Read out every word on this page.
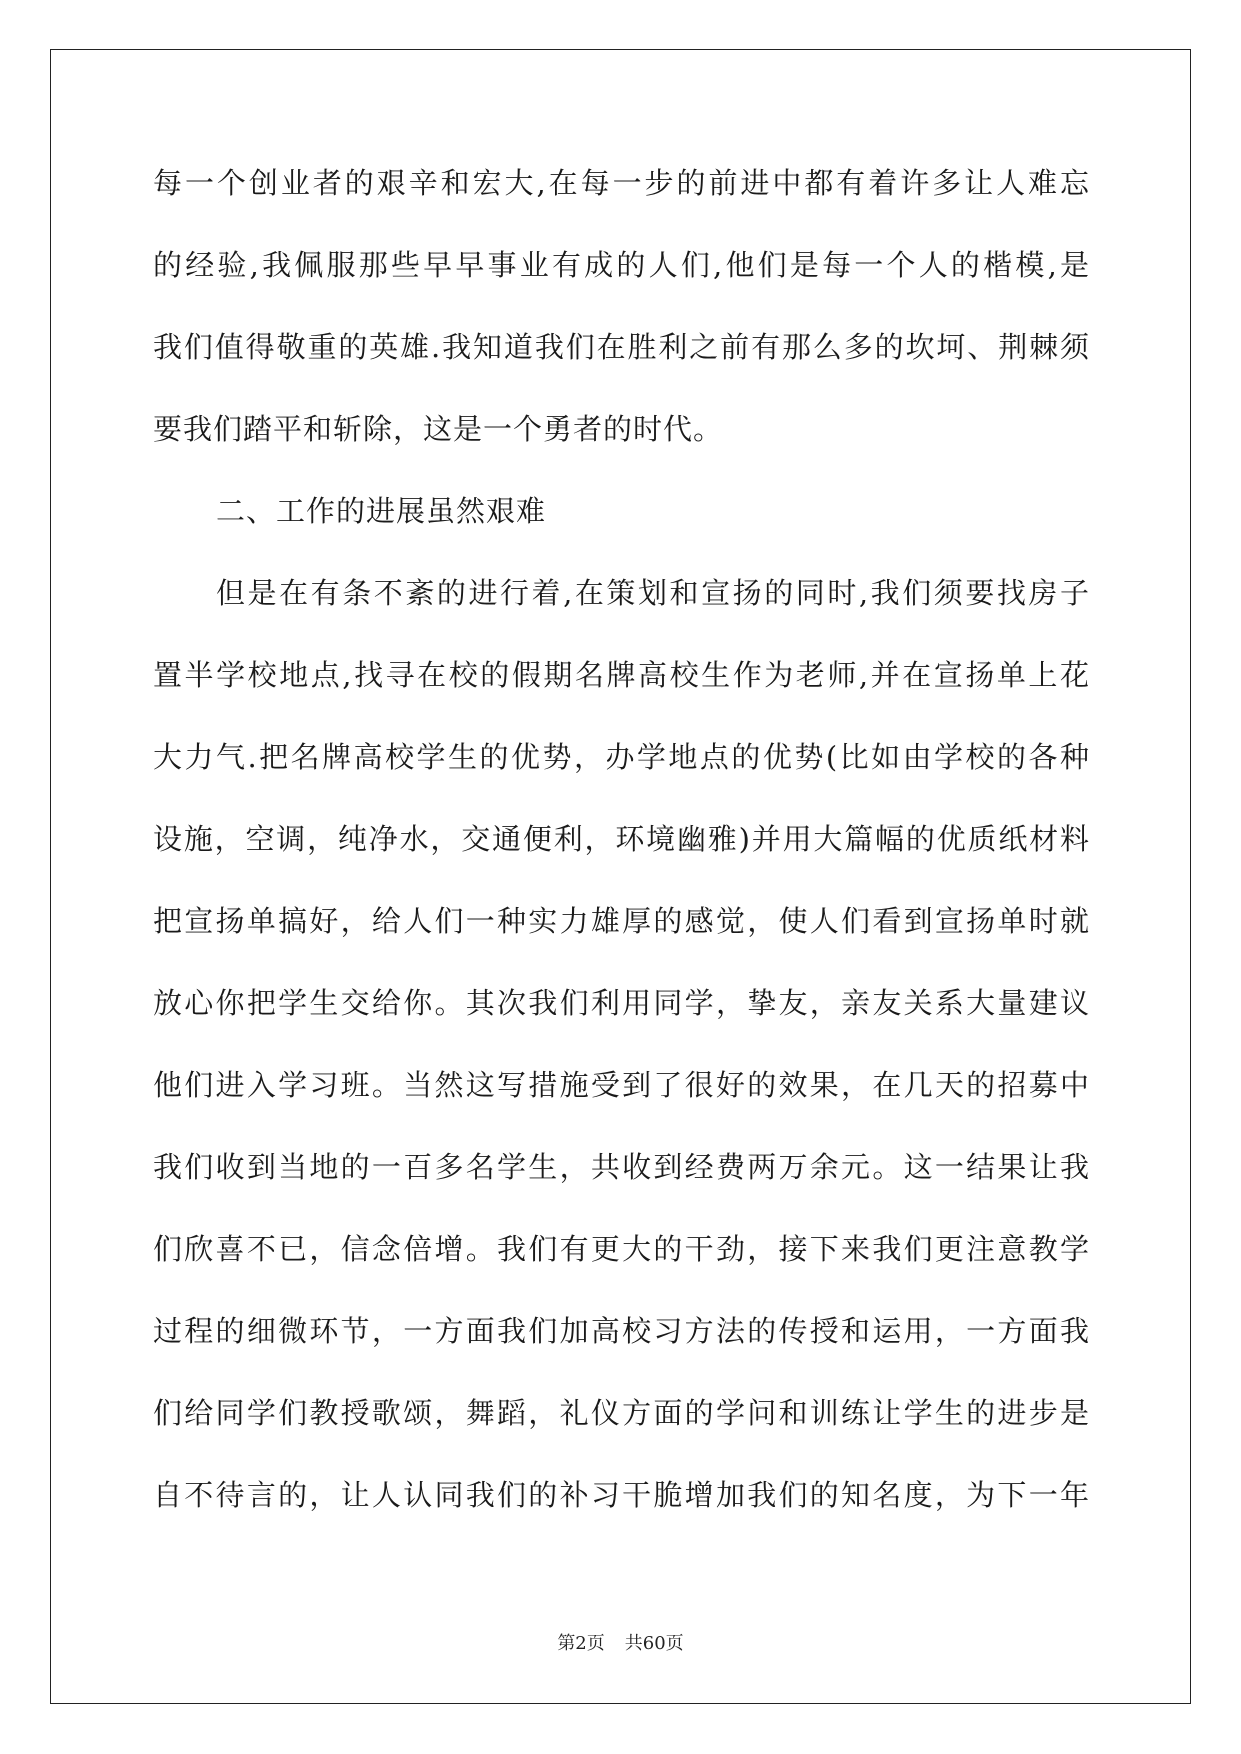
每一个创业者的艰辛和宏大,在每一步的前进中都有着许多让人难忘
的经验,我佩服那些早早事业有成的人们,他们是每一个人的楷模,是
我们值得敬重的英雄.我知道我们在胜利之前有那么多的坎坷、荆棘须
要我们踏平和斩除，这是一个勇者的时代。
二、工作的进展虽然艰难
但是在有条不紊的进行着,在策划和宣扬的同时,我们须要找房子
置半学校地点,找寻在校的假期名牌高校生作为老师,并在宣扬单上花
大力气.把名牌高校学生的优势，办学地点的优势(比如由学校的各种
设施，空调，纯净水，交通便利，环境幽雅)并用大篇幅的优质纸材料
把宣扬单搞好，给人们一种实力雄厚的感觉，使人们看到宣扬单时就
放心你把学生交给你。其次我们利用同学，挚友，亲友关系大量建议
他们进入学习班。当然这写措施受到了很好的效果，在几天的招募中
我们收到当地的一百多名学生，共收到经费两万余元。这一结果让我
们欣喜不已，信念倍增。我们有更大的干劲，接下来我们更注意教学
过程的细微环节，一方面我们加高校习方法的传授和运用，一方面我
们给同学们教授歌颂，舞蹈，礼仪方面的学问和训练让学生的进步是
自不待言的，让人认同我们的补习干脆增加我们的知名度，为下一年
第2页 共60页
